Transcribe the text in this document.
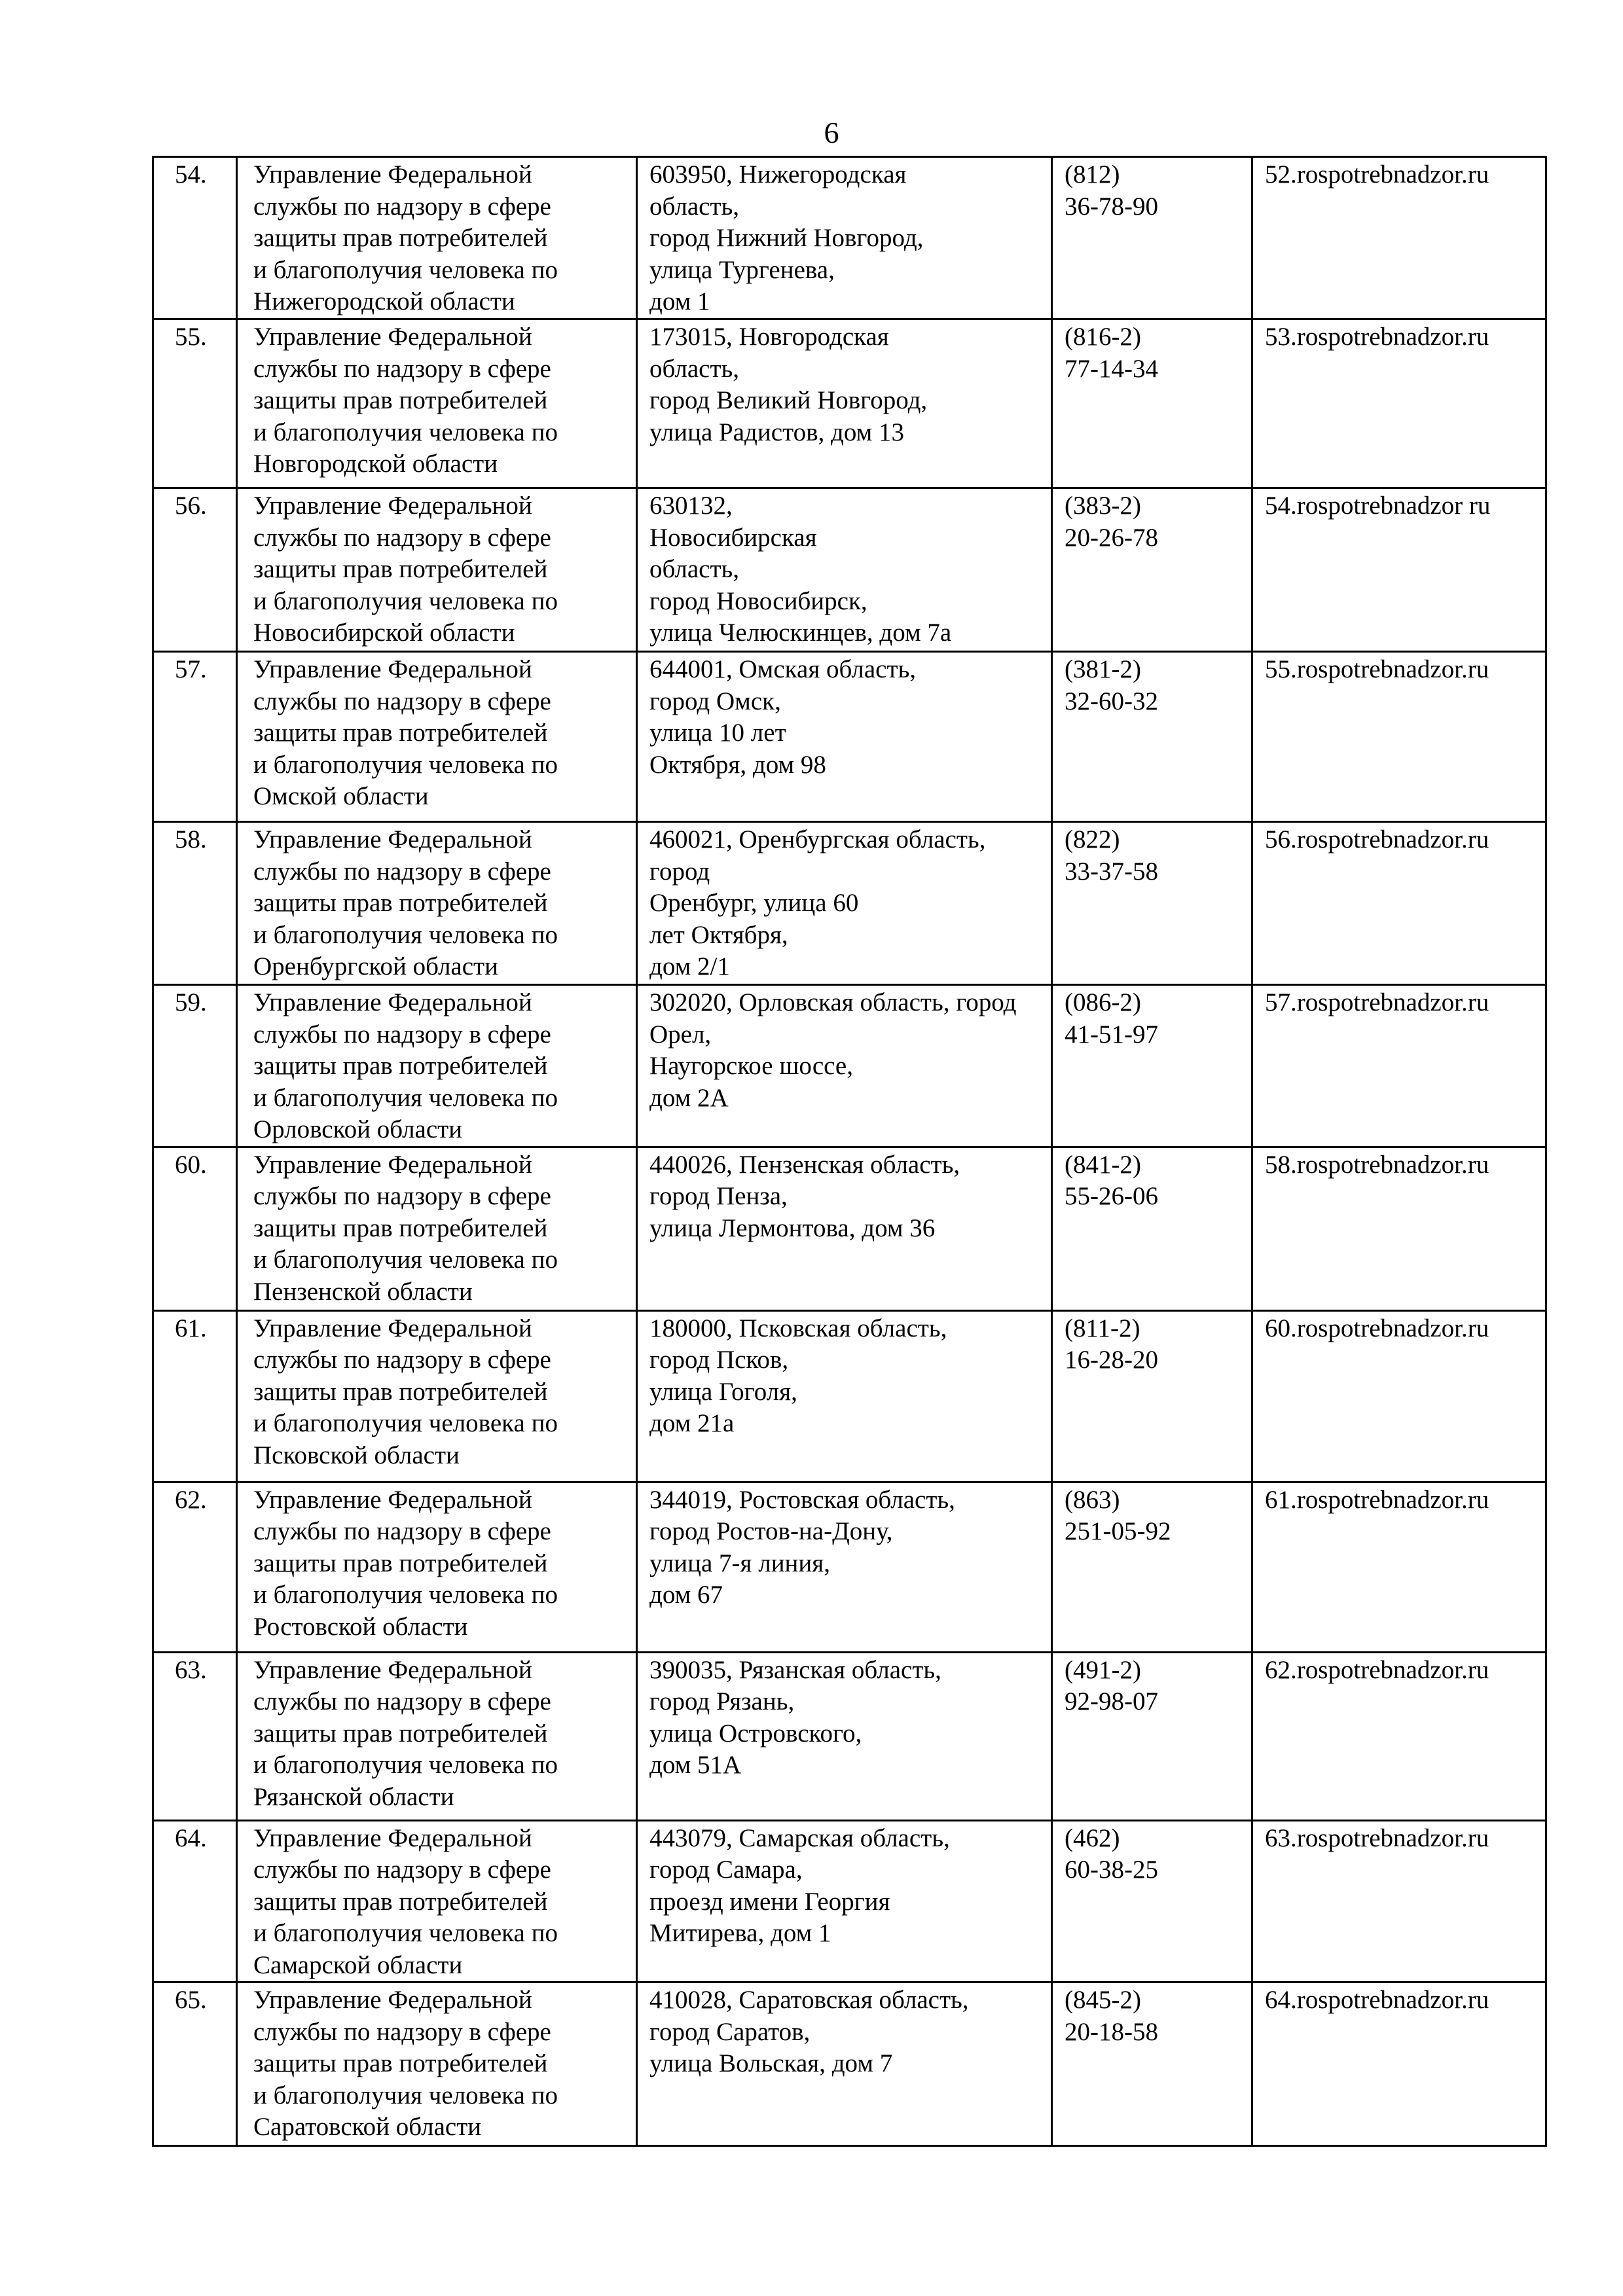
6
54.	Управление Федеральной
службы по надзору в сфере
защиты прав потребителей
и благополучия человека по
Нижегородской области	603950, Нижегородская
область,
город Нижний Новгород,
улица Тургенева,
дом 1	(812)
36-78-90	52.rospotrebnadzor.ru
55.	Управление Федеральной
службы по надзору в сфере
защиты прав потребителей
и благополучия человека по
Новгородской области	173015, Новгородская
область,
город Великий Новгород,
улица Радистов, дом 13	(816-2)
77-14-34	53.rospotrebnadzor.ru
56.	Управление Федеральной
службы по надзору в сфере
защиты прав потребителей
и благополучия человека по
Новосибирской области	630132,
Новосибирская
область,
город Новосибирск,
улица Челюскинцев, дом 7а	(383-2)
20-26-78	54.rospotrebnadzor ru
57.	Управление Федеральной
службы по надзору в сфере
защиты прав потребителей
и благополучия человека по
Омской области	644001, Омская область,
город Омск,
улица 10 лет
Октября, дом 98	(381-2)
32-60-32	55.rospotrebnadzor.ru
58.	Управление Федеральной
службы по надзору в сфере
защиты прав потребителей
и благополучия человека по
Оренбургской области	460021, Оренбургская область,
город
Оренбург, улица 60
лет Октября,
дом 2/1	(822)
33-37-58	56.rospotrebnadzor.ru
59.	Управление Федеральной
службы по надзору в сфере
защиты прав потребителей
и благополучия человека по
Орловской области	302020, Орловская область, город
Орел,
Наугорское шоссе,
дом 2А	(086-2)
41-51-97	57.rospotrebnadzor.ru
60.	Управление Федеральной
службы по надзору в сфере
защиты прав потребителей
и благополучия человека по
Пензенской области	440026, Пензенская область,
город Пенза,
улица Лермонтова, дом 36	(841-2)
55-26-06	58.rospotrebnadzor.ru
61.	Управление Федеральной
службы по надзору в сфере
защиты прав потребителей
и благополучия человека по
Псковской области	180000, Псковская область,
город Псков,
улица Гоголя,
дом 21а	(811-2)
16-28-20	60.rospotrebnadzor.ru
62.	Управление Федеральной
службы по надзору в сфере
защиты прав потребителей
и благополучия человека по
Ростовской области	344019, Ростовская область,
город Ростов-на-Дону,
улица 7-я линия,
дом 67	(863)
251-05-92	61.rospotrebnadzor.ru
63.	Управление Федеральной
службы по надзору в сфере
защиты прав потребителей
и благополучия человека по
Рязанской области	390035, Рязанская область,
город Рязань,
улица Островского,
дом 51А	(491-2)
92-98-07	62.rospotrebnadzor.ru
64.	Управление Федеральной
службы по надзору в сфере
защиты прав потребителей
и благополучия человека по
Самарской области	443079, Самарская область,
город Самара,
проезд имени Георгия
Митирева, дом 1	(462)
60-38-25	63.rospotrebnadzor.ru
65.	Управление Федеральной
службы по надзору в сфере
защиты прав потребителей
и благополучия человека по
Саратовской области	410028, Саратовская область,
город Саратов,
улица Вольская, дом 7	(845-2)
20-18-58	64.rospotrebnadzor.ru
